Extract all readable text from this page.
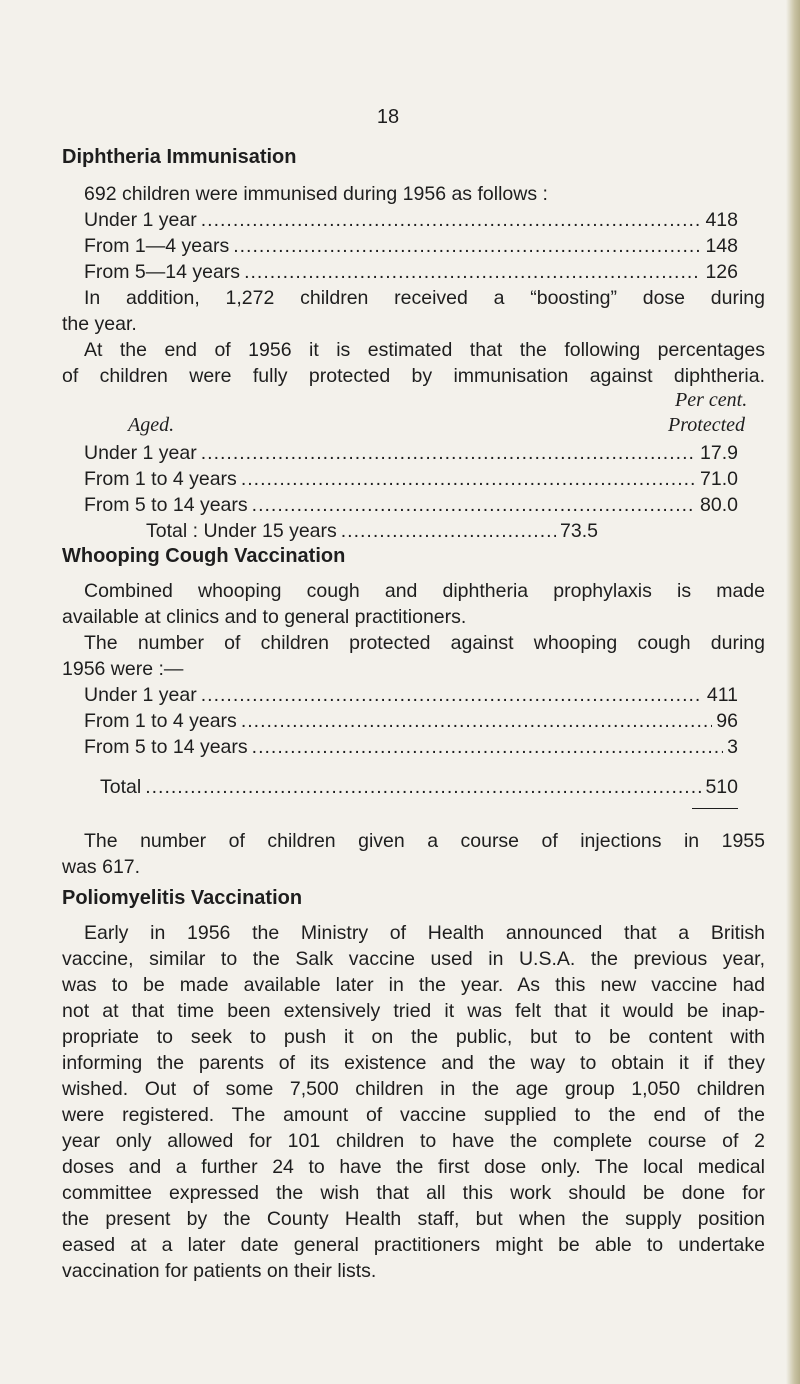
18
Diphtheria Immunisation
692 children were immunised during 1956 as follows :
Under 1 year .....	418
From 1—4 years .....	148
From 5—14 years .....	126
In addition, 1,272 children received a “boosting” dose during
the year.
At the end of 1956 it is estimated that the following percentages
of children were fully protected by immunisation against diphtheria.
Per cent.
Aged.	Protected
Under 1 year .....	17.9
From 1 to 4 years .....	71.0
From 5 to 14 years .....	80.0
Total : Under 15 years .....	73.5
Whooping Cough Vaccination
Combined whooping cough and diphtheria prophylaxis is made
available at clinics and to general practitioners.
The number of children protected against whooping cough during
1956 were :—
Under 1 year .....	411
From 1 to 4 years .....	96
From 5 to 14 years .....	3
Total .....	510
The number of children given a course of injections in 1955
was 617.
Poliomyelitis Vaccination
Early in 1956 the Ministry of Health announced that a British
vaccine, similar to the Salk vaccine used in U.S.A. the previous year,
was to be made available later in the year. As this new vaccine had
not at that time been extensively tried it was felt that it would be inap-
propriate to seek to push it on the public, but to be content with
informing the parents of its existence and the way to obtain it if they
wished. Out of some 7,500 children in the age group 1,050 children
were registered. The amount of vaccine supplied to the end of the
year only allowed for 101 children to have the complete course of 2
doses and a further 24 to have the first dose only. The local medical
committee expressed the wish that all this work should be done for
the present by the County Health staff, but when the supply position
eased at a later date general practitioners might be able to undertake
vaccination for patients on their lists.
